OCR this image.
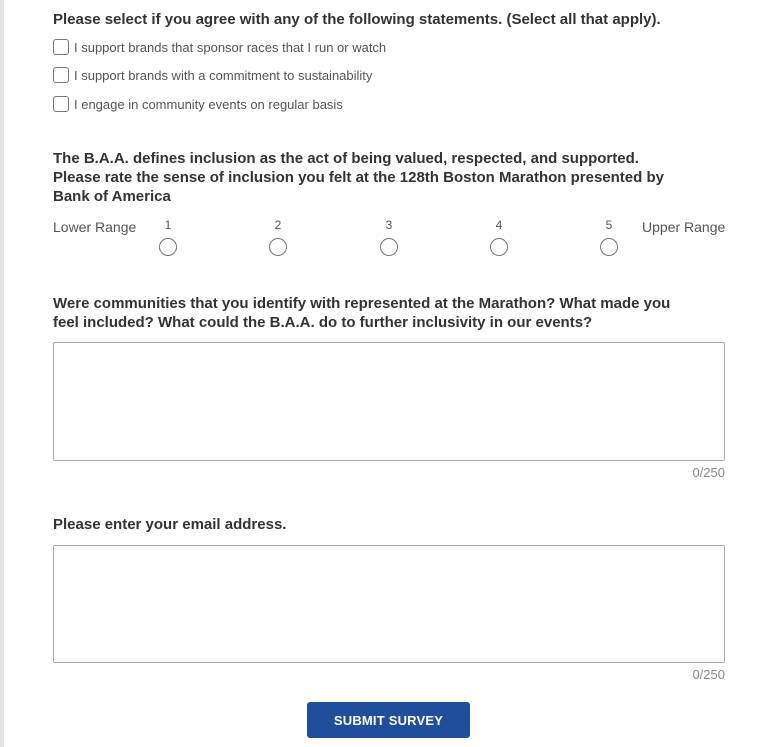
Please select if you agree with any of the following statements. (Select all that apply).
I support brands that sponsor races that I run or watch
I support brands with a commitment to sustainability
I engage in community events on regular basis
The B.A.A. defines inclusion as the act of being valued, respected, and supported.
Please rate the sense of inclusion you felt at the 128th Boston Marathon presented by
Bank of America
Lower Range	Upper Range
1	2	3	4	5
Were communities that you identify with represented at the Marathon? What made you
feel included? What could the B.A.A. do to further inclusivity in our events?
0/250
Please enter your email address.
0/250
SUBMIT SURVEY
